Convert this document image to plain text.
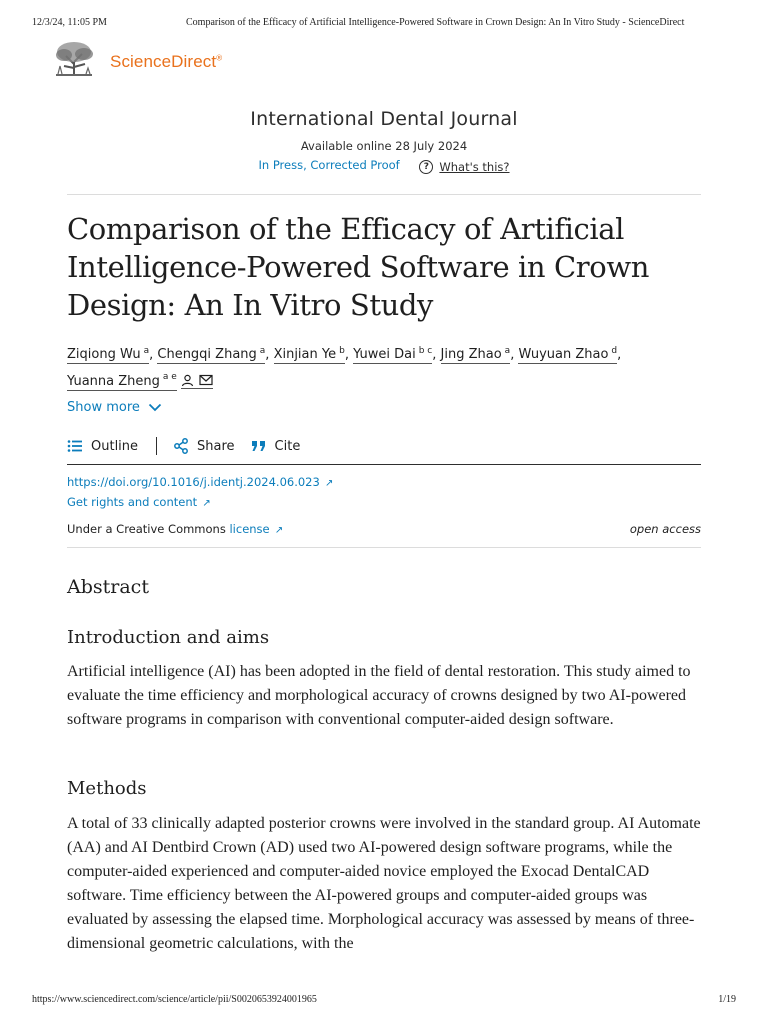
12/3/24, 11:05 PM	Comparison of the Efficacy of Artificial Intelligence-Powered Software in Crown Design: An In Vitro Study - ScienceDirect
ScienceDirect®
International Dental Journal
Available online 28 July 2024
In Press, Corrected Proof	? What's this?
Comparison of the Efficacy of Artificial Intelligence-Powered Software in Crown Design: An In Vitro Study
Ziqiong Wu $^a$, Chengqi Zhang $^a$, Xinjian Ye $^b$, Yuwei Dai $^{b c}$, Jing Zhao $^a$, Wuyuan Zhao $^d$,
Yuanna Zheng $^{a e}$
Show more
Outline	Share	Cite
https://doi.org/10.1016/j.identj.2024.06.023 ↗
Get rights and content ↗
Under a Creative Commons license ↗	open access
Abstract
Introduction and aims

Artificial intelligence (AI) has been adopted in the field of dental restoration. This study aimed to evaluate the time efficiency and morphological accuracy of crowns designed by two AI-powered software programs in comparison with conventional computer-aided design software.

Methods

A total of 33 clinically adapted posterior crowns were involved in the standard group. AI Automate (AA) and AI Dentbird Crown (AD) used two AI-powered design software programs, while the computer-aided experienced and computer-aided novice employed the Exocad DentalCAD software. Time efficiency between the AI-powered groups and computer-aided groups was evaluated by assessing the elapsed time. Morphological accuracy was assessed by means of three-dimensional geometric calculations, with the

https://www.sciencedirect.com/science/article/pii/S0020653924001965	1/19
